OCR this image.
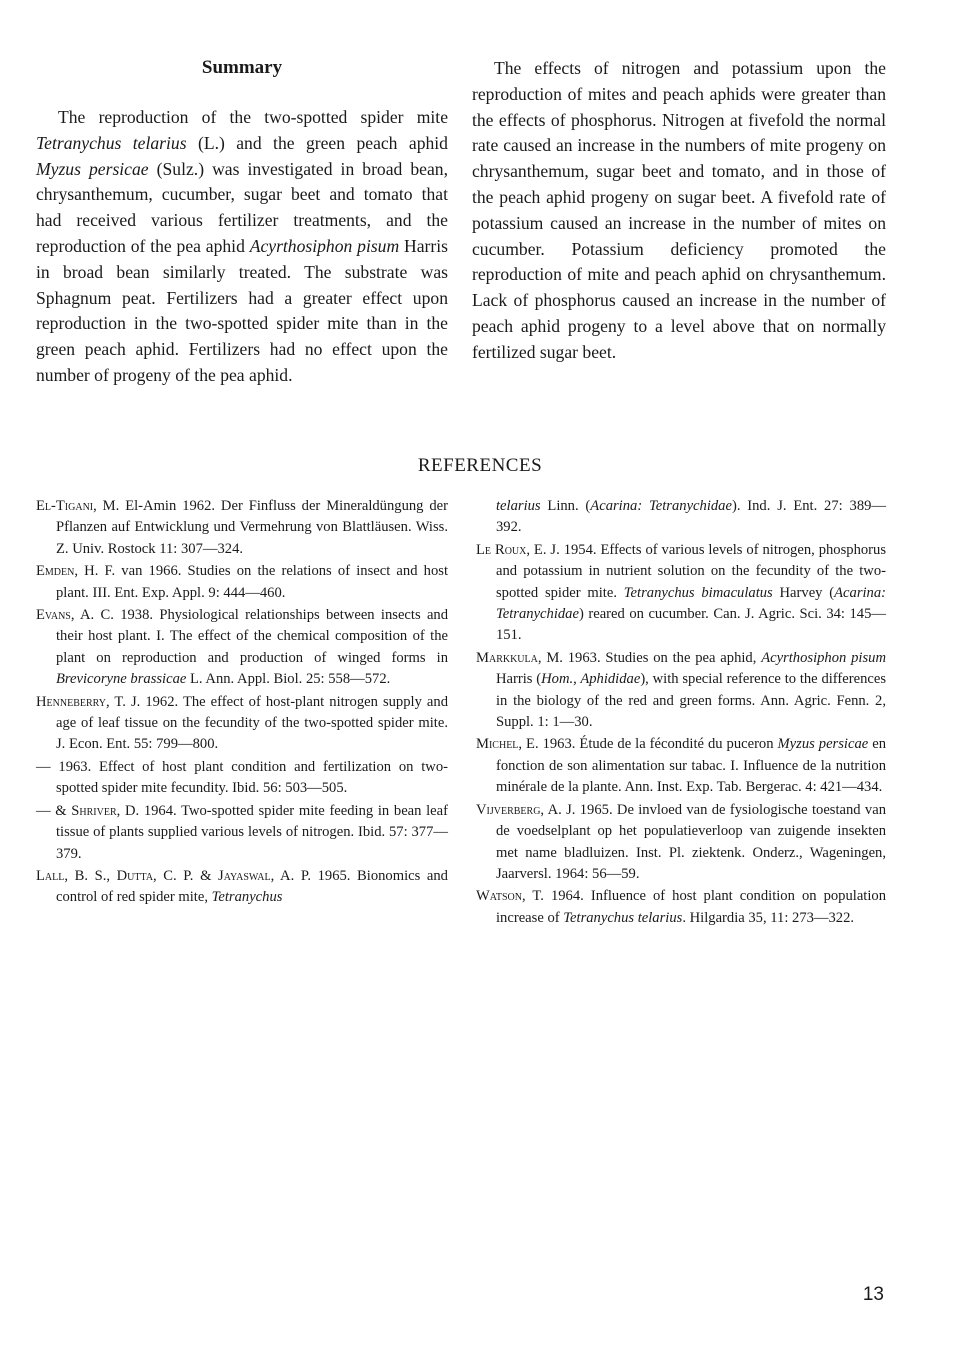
Summary

The reproduction of the two-spotted spider mite Tetranychus telarius (L.) and the green peach aphid Myzus persicae (Sulz.) was investigated in broad bean, chrysanthemum, cucumber, sugar beet and tomato that had received various fertilizer treatments, and the reproduction of the pea aphid Acyrthosiphon pisum Harris in broad bean similarly treated. The substrate was Sphagnum peat. Fertilizers had a greater effect upon reproduction in the two-spotted spider mite than in the green peach aphid. Fertilizers had no effect upon the number of progeny of the pea aphid.

The effects of nitrogen and potassium upon the reproduction of mites and peach aphids were greater than the effects of phosphorus. Nitrogen at fivefold the normal rate caused an increase in the numbers of mite progeny on chrysanthemum, sugar beet and tomato, and in those of the peach aphid progeny on sugar beet. A fivefold rate of potassium caused an increase in the number of mites on cucumber. Potassium deficiency promoted the reproduction of mite and peach aphid on chrysanthemum. Lack of phosphorus caused an increase in the number of peach aphid progeny to a level above that on normally fertilized sugar beet.

REFERENCES

El-Tigani, M. El-Amin 1962. Der Finfluss der Mineraldüngung der Pflanzen auf Entwicklung und Vermehrung von Blattläusen. Wiss. Z. Univ. Rostock 11: 307—324.

Emden, H. F. van 1966. Studies on the relations of insect and host plant. III. Ent. Exp. Appl. 9: 444—460.

Evans, A. C. 1938. Physiological relationships between insects and their host plant. I. The effect of the chemical composition of the plant on reproduction and production of winged forms in Brevicoryne brassicae L. Ann. Appl. Biol. 25: 558—572.

Henneberry, T. J. 1962. The effect of host-plant nitrogen supply and age of leaf tissue on the fecundity of the two-spotted spider mite. J. Econ. Ent. 55: 799—800.

— 1963. Effect of host plant condition and fertilization on two-spotted spider mite fecundity. Ibid. 56: 503—505.

— & Shriver, D. 1964. Two-spotted spider mite feeding in bean leaf tissue of plants supplied various levels of nitrogen. Ibid. 57: 377—379.

Lall, B. S., Dutta, C. P. & Jayaswal, A. P. 1965. Bionomics and control of red spider mite, Tetranychus

telarius Linn. (Acarina: Tetranychidae). Ind. J. Ent. 27: 389—392.

Le Roux, E. J. 1954. Effects of various levels of nitrogen, phosphorus and potassium in nutrient solution on the fecundity of the two-spotted spider mite. Tetranychus bimaculatus Harvey (Acarina: Tetranychidae) reared on cucumber. Can. J. Agric. Sci. 34: 145—151.

Markkula, M. 1963. Studies on the pea aphid, Acyrthosiphon pisum Harris (Hom., Aphididae), with special reference to the differences in the biology of the red and green forms. Ann. Agric. Fenn. 2, Suppl. 1: 1—30.

Michel, E. 1963. Étude de la fécondité du puceron Myzus persicae en fonction de son alimentation sur tabac. I. Influence de la nutrition minérale de la plante. Ann. Inst. Exp. Tab. Bergerac. 4: 421—434.

Vijverberg, A. J. 1965. De invloed van de fysiologische toestand van de voedselplant op het populatieverloop van zuigende insekten met name bladluizen. Inst. Pl. ziektenk. Onderz., Wageningen, Jaarversl. 1964: 56—59.

Watson, T. 1964. Influence of host plant condition on population increase of Tetranychus telarius. Hilgardia 35, 11: 273—322.

13
